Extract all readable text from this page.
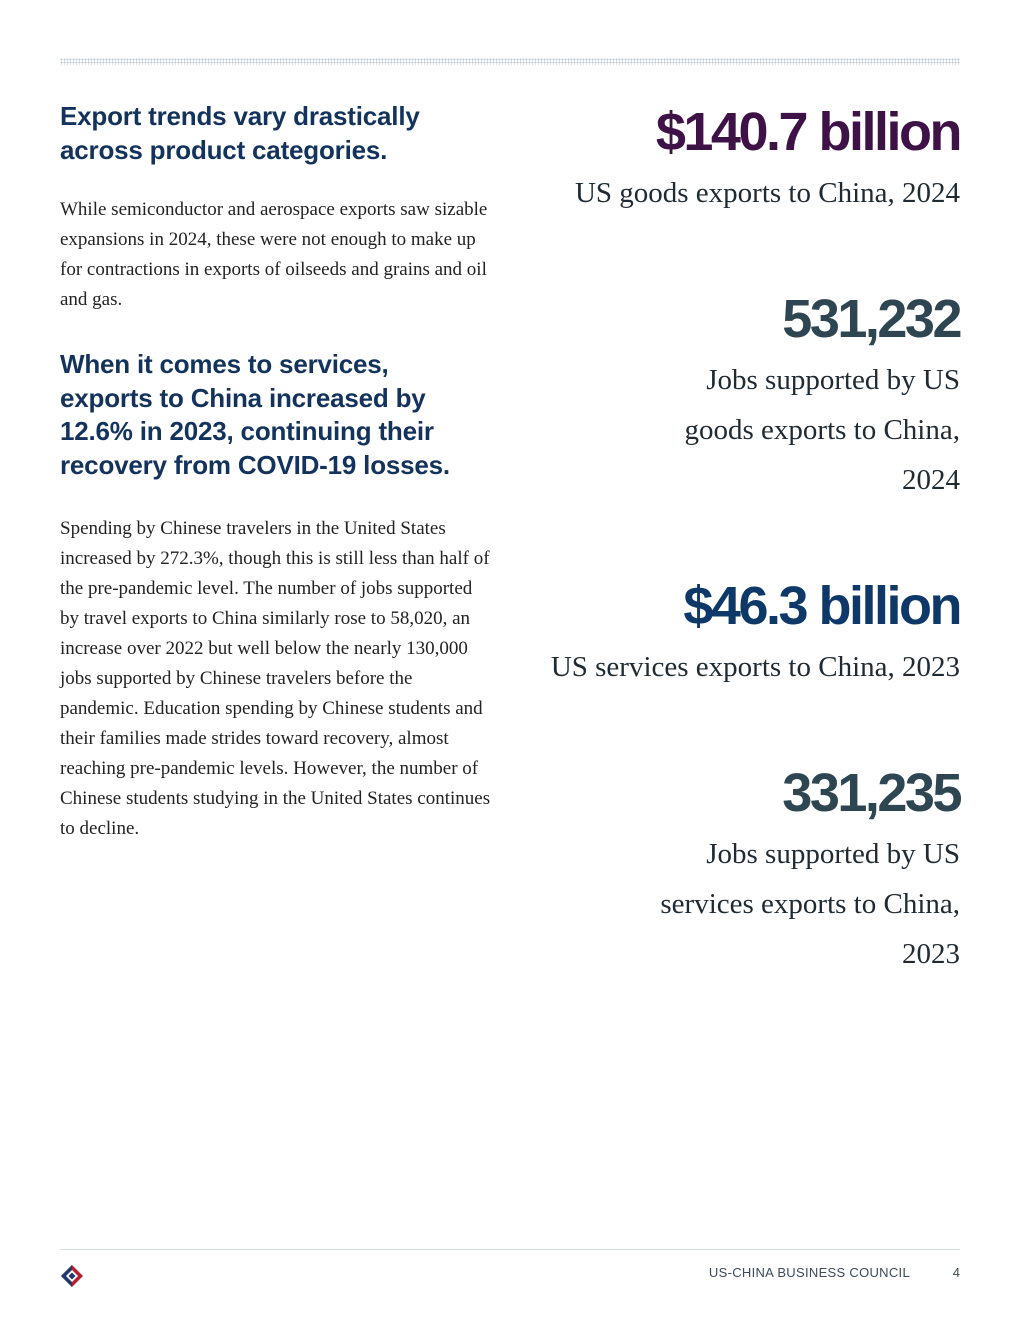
Export trends vary drastically across product categories.

While semiconductor and aerospace exports saw sizable expansions in 2024, these were not enough to make up for contractions in exports of oilseeds and grains and oil and gas.

When it comes to services, exports to China increased by 12.6% in 2023, continuing their recovery from COVID-19 losses.

Spending by Chinese travelers in the United States increased by 272.3%, though this is still less than half of the pre-pandemic level. The number of jobs supported by travel exports to China similarly rose to 58,020, an increase over 2022 but well below the nearly 130,000 jobs supported by Chinese travelers before the pandemic. Education spending by Chinese students and their families made strides toward recovery, almost reaching pre-pandemic levels. However, the number of Chinese students studying in the United States continues to decline.

$140.7 billion
US goods exports to China, 2024
531,232
Jobs supported by US goods exports to China, 2024
$46.3 billion
US services exports to China, 2023
331,235
Jobs supported by US services exports to China, 2023
US-CHINA BUSINESS COUNCIL	4
